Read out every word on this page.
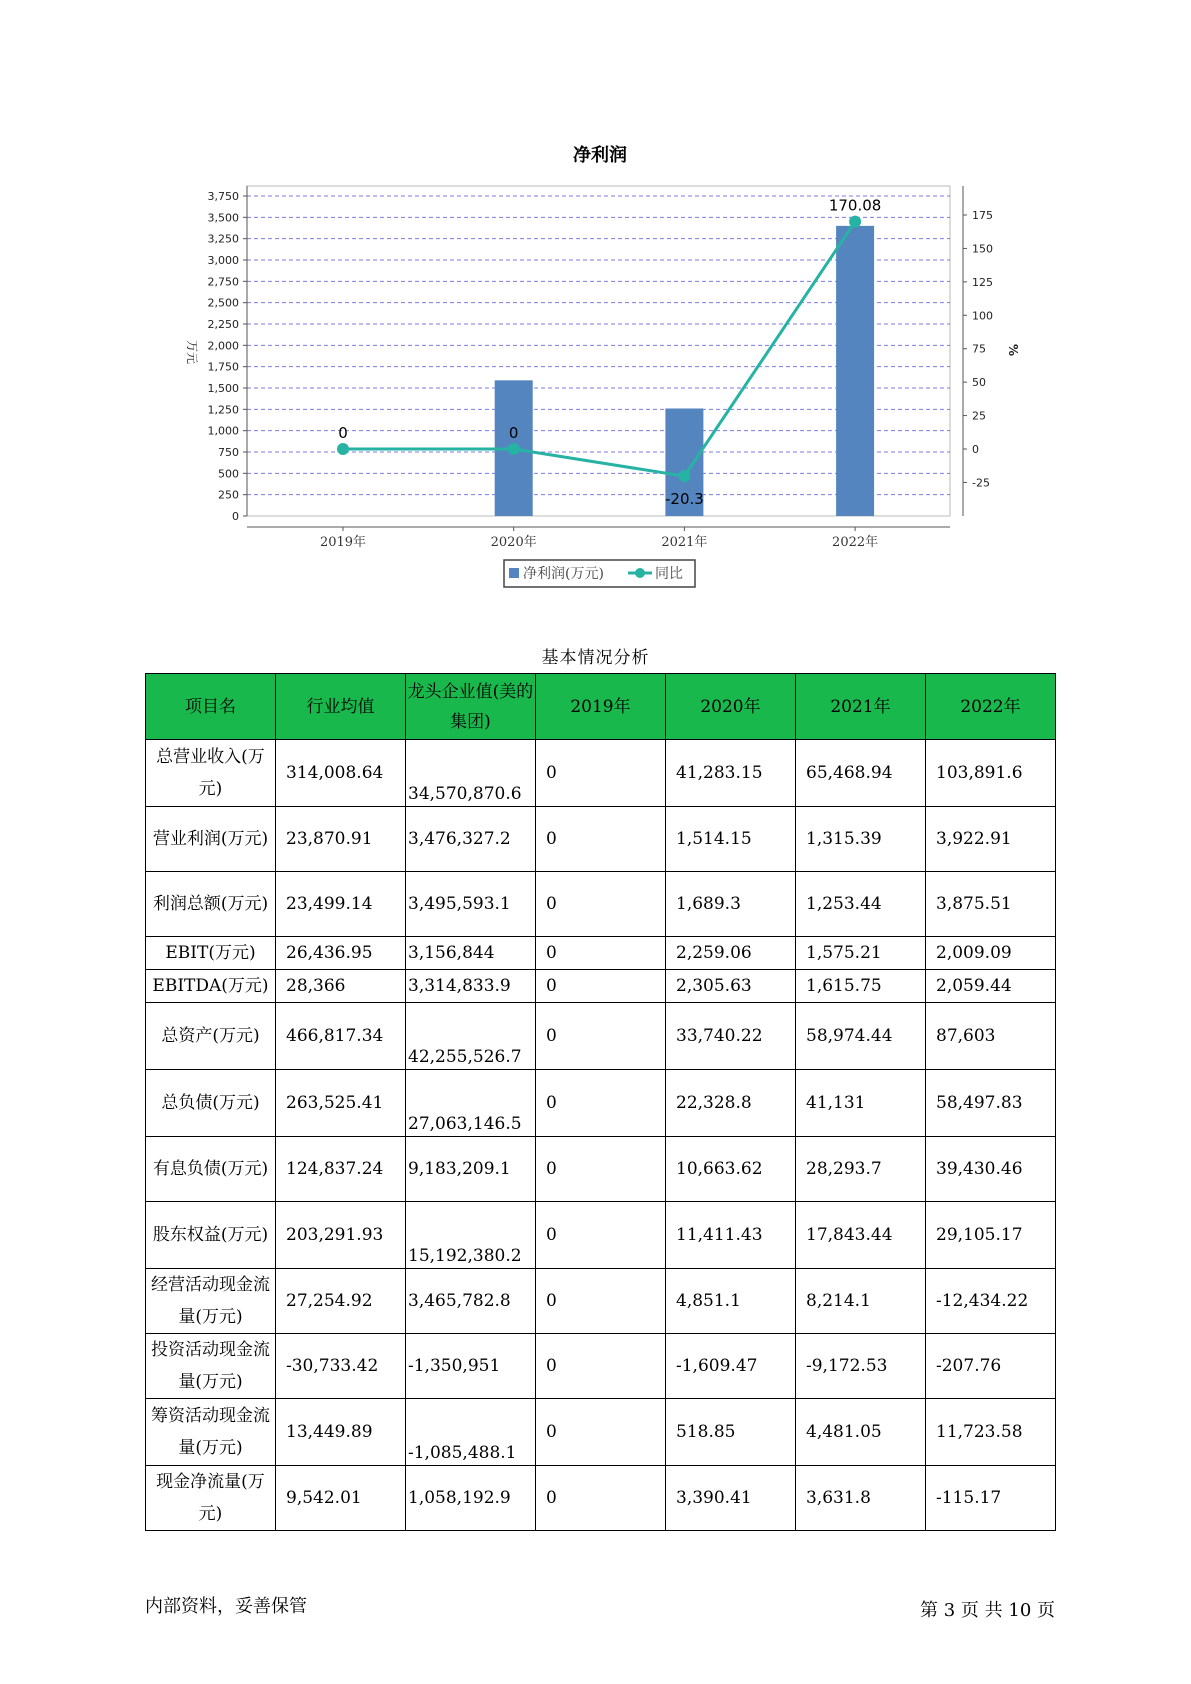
净利润
0
250
500
750
1,000
1,250
1,500
1,750
2,000
2,250
2,500
2,750
3,000
3,250
3,500
3,750
万元
-25
0
25
50
75
100
125
150
175
%
2019年	2020年	2021年	2022年
0	0
-20.3
170.08
净利润(万元)	同比
基本情况分析
项目名	行业均值	龙头企业值(美的集团)	2019年	2020年	2021年	2022年
总营业收入(万元)	314,008.64	34,570,870.6	0	41,283.15	65,468.94	103,891.6
营业利润(万元)	23,870.91	3,476,327.2	0	1,514.15	1,315.39	3,922.91
利润总额(万元)	23,499.14	3,495,593.1	0	1,689.3	1,253.44	3,875.51
EBIT(万元)	26,436.95	3,156,844	0	2,259.06	1,575.21	2,009.09
EBITDA(万元)	28,366	3,314,833.9	0	2,305.63	1,615.75	2,059.44
总资产(万元)	466,817.34	42,255,526.7	0	33,740.22	58,974.44	87,603
总负债(万元)	263,525.41	27,063,146.5	0	22,328.8	41,131	58,497.83
有息负债(万元)	124,837.24	9,183,209.1	0	10,663.62	28,293.7	39,430.46
股东权益(万元)	203,291.93	15,192,380.2	0	11,411.43	17,843.44	29,105.17
经营活动现金流量(万元)	27,254.92	3,465,782.8	0	4,851.1	8,214.1	-12,434.22
投资活动现金流量(万元)	-30,733.42	-1,350,951	0	-1,609.47	-9,172.53	-207.76
筹资活动现金流量(万元)	13,449.89	-1,085,488.1	0	518.85	4,481.05	11,723.58
现金净流量(万元)	9,542.01	1,058,192.9	0	3,390.41	3,631.8	-115.17
内部资料，妥善保管	第 3 页 共 10 页
